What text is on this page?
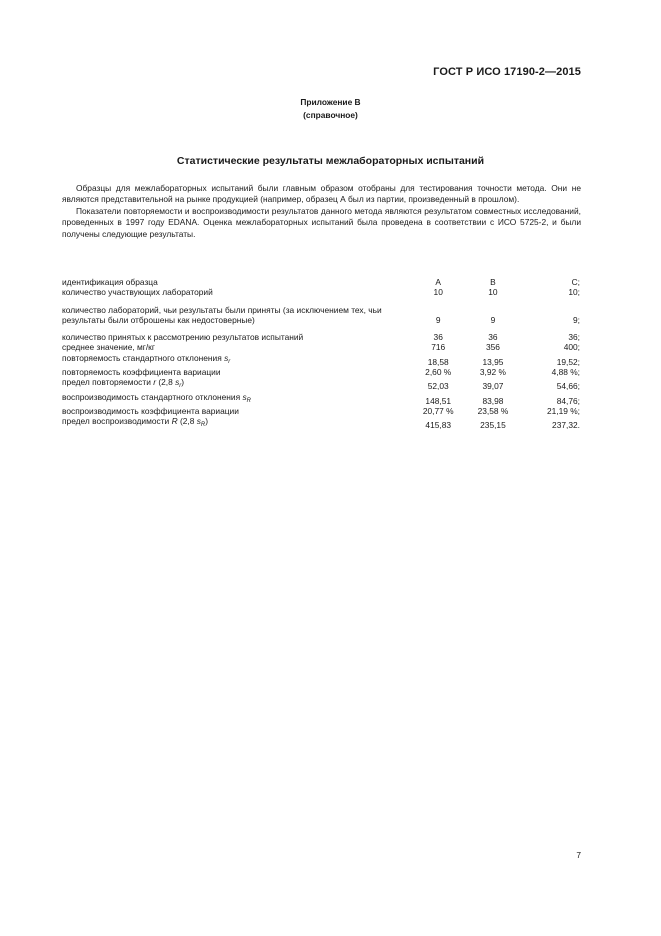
ГОСТ Р ИСО 17190-2—2015
Приложение В
(справочное)
Статистические результаты межлабораторных испытаний

Образцы для межлабораторных испытаний были главным образом отобраны для тестирования точности метода. Они не являются представительной на рынке продукцией (например, образец А был из партии, произведенный в прошлом).

Показатели повторяемости и воспроизводимости результатов данного метода являются результатом совместных исследований, проведенных в 1997 году EDANA. Оценка межлабораторных испытаний была проведена в соответствии с ИСО 5725-2, и были получены следующие результаты.

идентификация образца	A	B	C;
количество участвующих лабораторий	10	10	10;

количество лабораторий, чьи результаты были приняты (за исключением тех, чьи результаты были отброшены как недостоверные)	9	9	9;

количество принятых к рассмотрению результатов испытаний	36	36	36;
среднее значение, мг/кг	716	356	400;
повторяемость стандартного отклонения $s_r$	18,58	13,95	19,52;
повторяемость коэффициента вариации	2,60 %	3,92 %	4,88 %;
предел повторяемости r (2,8 $s_r$)	52,03	39,07	54,66;
воспроизводимость стандартного отклонения $s_R$	148,51	83,98	84,76;
воспроизводимость коэффициента вариации	20,77 %	23,58 %	21,19 %;
предел воспроизводимости R (2,8 $s_R$)	415,83	235,15	237,32.
7
